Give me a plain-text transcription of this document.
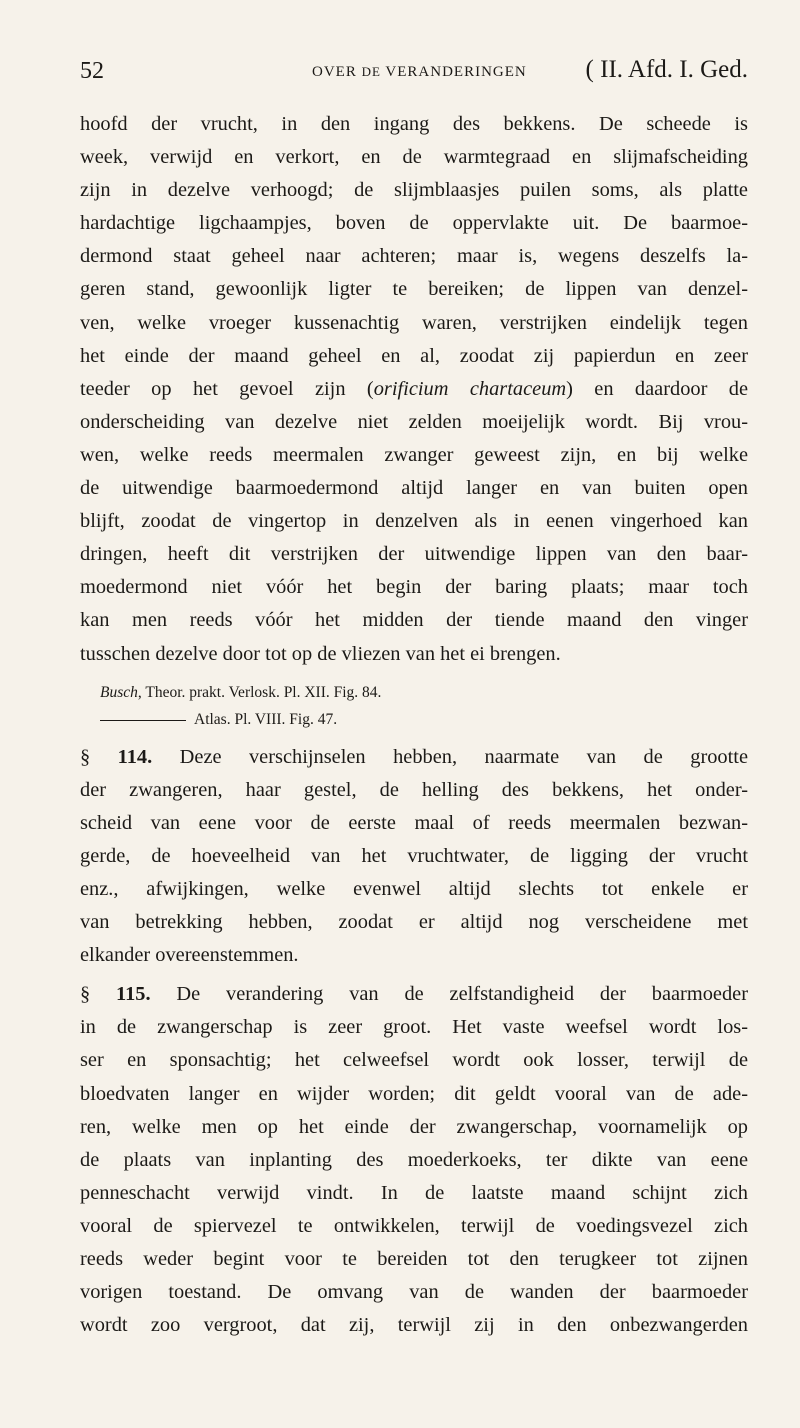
52	OVER DE VERANDERINGEN ( II. Afd. I. Ged.

hoofd der vrucht, in den ingang des bekkens. De scheede is

week, verwijd en verkort, en de warmtegraad en slijmafscheiding

zijn in dezelve verhoogd; de slijmblaasjes puilen soms, als platte

hardachtige ligchaampjes, boven de oppervlakte uit. De baarmoe-

dermond staat geheel naar achteren; maar is, wegens deszelfs la-

geren stand, gewoonlijk ligter te bereiken; de lippen van denzel-

ven, welke vroeger kussenachtig waren, verstrijken eindelijk tegen

het einde der maand geheel en al, zoodat zij papierdun en zeer

teeder op het gevoel zijn (orificium chartaceum) en daardoor de

onderscheiding van dezelve niet zelden moeijelijk wordt. Bij vrou-

wen, welke reeds meermalen zwanger geweest zijn, en bij welke

de uitwendige baarmoedermond altijd langer en van buiten open

blijft, zoodat de vingertop in denzelven als in eenen vingerhoed kan

dringen, heeft dit verstrijken der uitwendige lippen van den baar-

moedermond niet vóór het begin der baring plaats; maar toch

kan men reeds vóór het midden der tiende maand den vinger

tusschen dezelve door tot op de vliezen van het ei brengen.

Busch, Theor. prakt. Verlosk. Pl. XII. Fig. 84.
Atlas. Pl. VIII. Fig. 47.

§ 114. Deze verschijnselen hebben, naarmate van de grootte

der zwangeren, haar gestel, de helling des bekkens, het onder-

scheid van eene voor de eerste maal of reeds meermalen bezwan-

gerde, de hoeveelheid van het vruchtwater, de ligging der vrucht

enz., afwijkingen, welke evenwel altijd slechts tot enkele er

van betrekking hebben, zoodat er altijd nog verscheidene met

elkander overeenstemmen.

§ 115. De verandering van de zelfstandigheid der baarmoeder

in de zwangerschap is zeer groot. Het vaste weefsel wordt los-

ser en sponsachtig; het celweefsel wordt ook losser, terwijl de

bloedvaten langer en wijder worden; dit geldt vooral van de ade-

ren, welke men op het einde der zwangerschap, voornamelijk op

de plaats van inplanting des moederkoeks, ter dikte van eene

penneschacht verwijd vindt. In de laatste maand schijnt zich

vooral de spiervezel te ontwikkelen, terwijl de voedingsvezel zich

reeds weder begint voor te bereiden tot den terugkeer tot zijnen

vorigen toestand. De omvang van de wanden der baarmoeder

wordt zoo vergroot, dat zij, terwijl zij in den onbezwangerden
